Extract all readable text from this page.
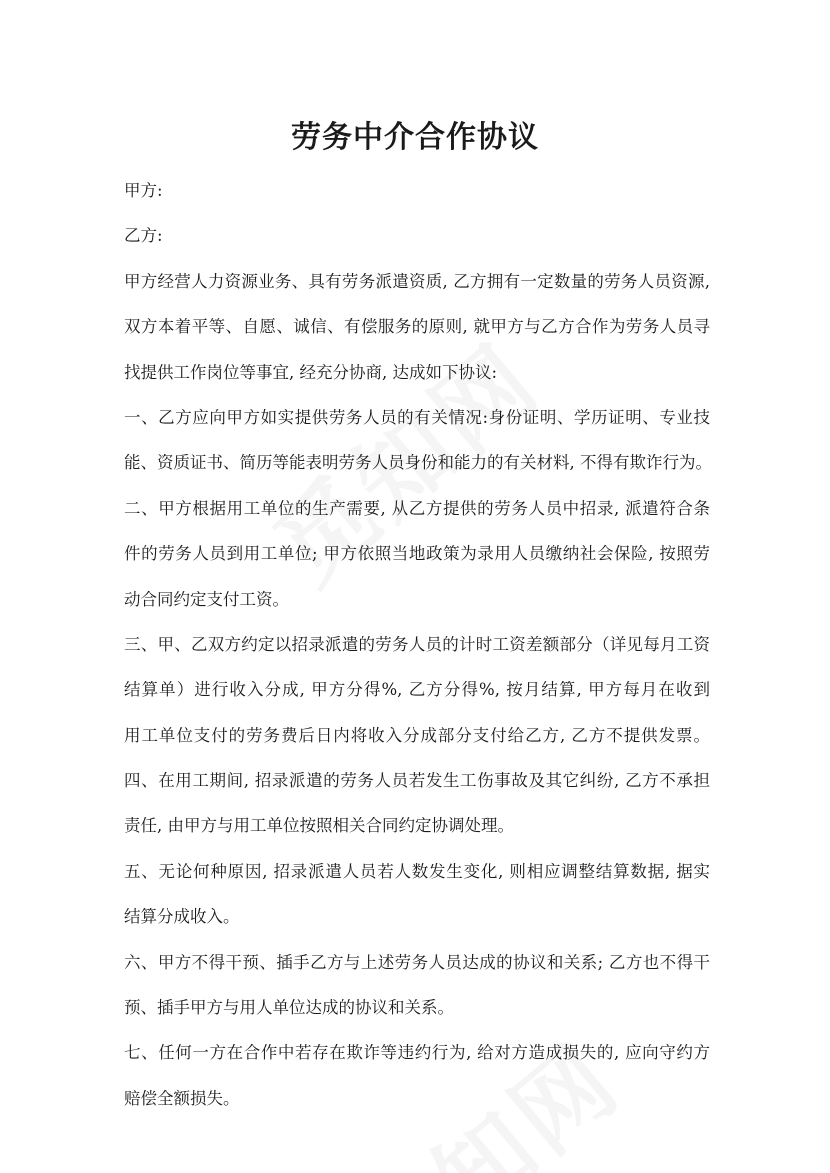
劳务中介合作协议
甲方:
乙方:
甲方经营人力资源业务、具有劳务派遣资质, 乙方拥有一定数量的劳务人员资源,
双方本着平等、自愿、诚信、有偿服务的原则, 就甲方与乙方合作为劳务人员寻
找提供工作岗位等事宜, 经充分协商, 达成如下协议:
一、乙方应向甲方如实提供劳务人员的有关情况:身份证明、学历证明、专业技
能、资质证书、简历等能表明劳务人员身份和能力的有关材料, 不得有欺诈行为。
二、甲方根据用工单位的生产需要, 从乙方提供的劳务人员中招录, 派遣符合条
件的劳务人员到用工单位; 甲方依照当地政策为录用人员缴纳社会保险, 按照劳
动合同约定支付工资。
三、甲、乙双方约定以招录派遣的劳务人员的计时工资差额部分（详见每月工资
结算单）进行收入分成, 甲方分得%, 乙方分得%, 按月结算, 甲方每月在收到
用工单位支付的劳务费后日内将收入分成部分支付给乙方, 乙方不提供发票。
四、在用工期间, 招录派遣的劳务人员若发生工伤事故及其它纠纷, 乙方不承担
责任, 由甲方与用工单位按照相关合同约定协调处理。
五、无论何种原因, 招录派遣人员若人数发生变化, 则相应调整结算数据, 据实
结算分成收入。
六、甲方不得干预、插手乙方与上述劳务人员达成的协议和关系; 乙方也不得干
预、插手甲方与用人单位达成的协议和关系。
七、任何一方在合作中若存在欺诈等违约行为, 给对方造成损失的, 应向守约方
赔偿全额损失。
